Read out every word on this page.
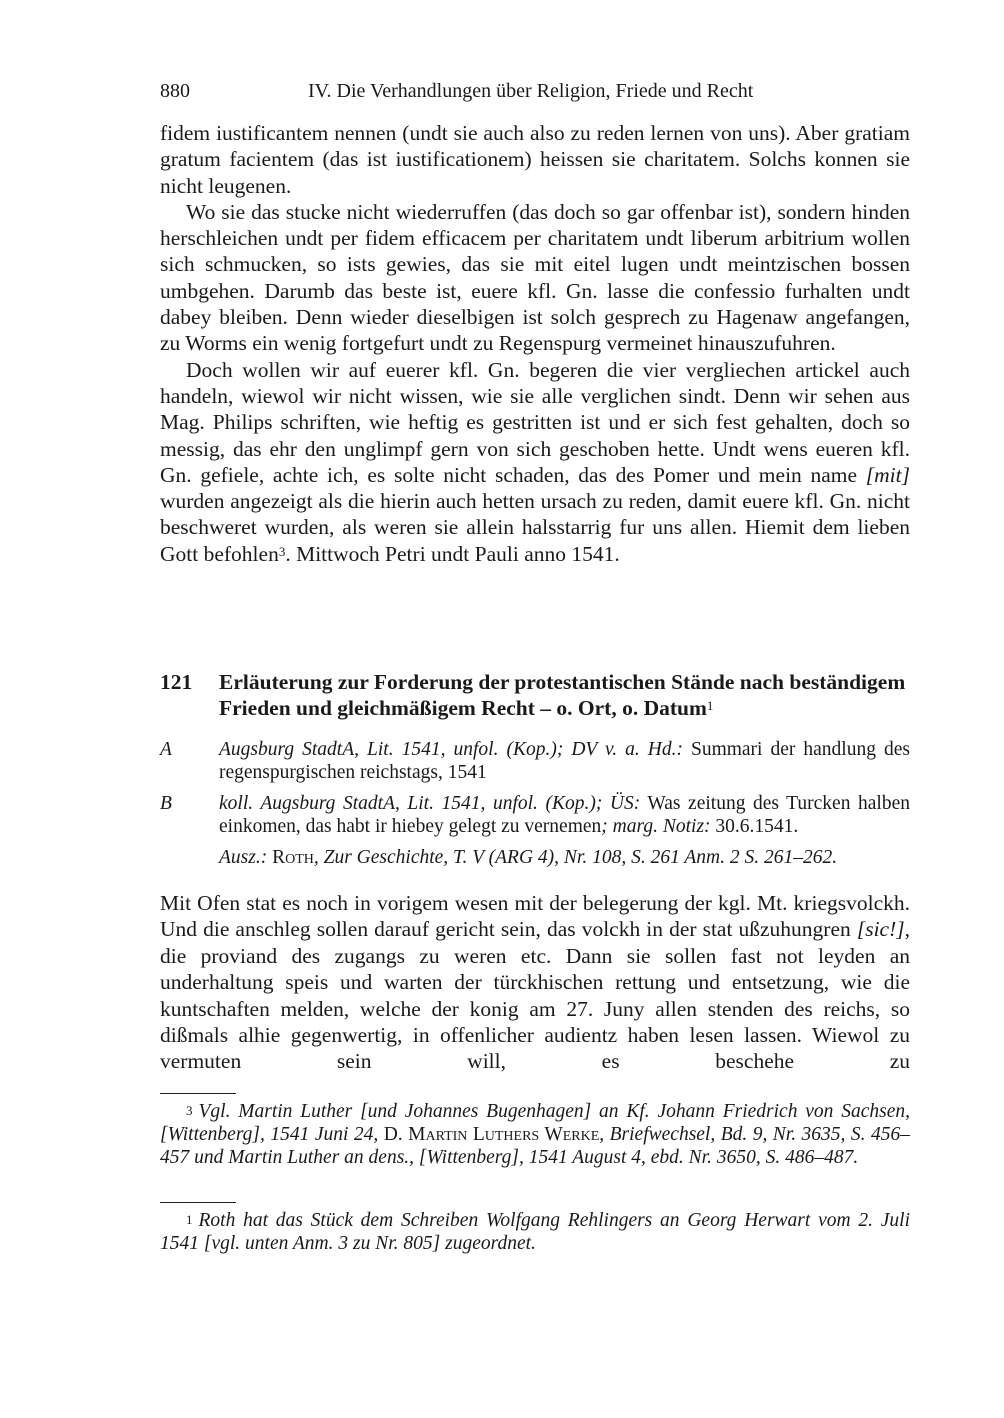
880	IV. Die Verhandlungen über Religion, Friede und Recht

fidem iustificantem nennen (undt sie auch also zu reden lernen von uns). Aber gratiam gratum facientem (das ist iustificationem) heissen sie charitatem. Solchs konnen sie nicht leugenen.

Wo sie das stucke nicht wiederruffen (das doch so gar offenbar ist), sondern hinden herschleichen undt per fidem efficacem per charitatem undt liberum arbitrium wollen sich schmucken, so ists gewies, das sie mit eitel lugen undt meintzischen bossen umbgehen. Darumb das beste ist, euere kfl. Gn. lasse die confessio furhalten undt dabey bleiben. Denn wieder dieselbigen ist solch gesprech zu Hagenaw angefangen, zu Worms ein wenig fortgefurt undt zu Regenspurg vermeinet hinauszufuhren.

Doch wollen wir auf euerer kfl. Gn. begeren die vier vergliechen artickel auch handeln, wiewol wir nicht wissen, wie sie alle verglichen sindt. Denn wir sehen aus Mag. Philips schriften, wie heftig es gestritten ist und er sich fest gehalten, doch so messig, das ehr den unglimpf gern von sich geschoben hette. Undt wens eueren kfl. Gn. gefiele, achte ich, es solte nicht schaden, das des Pomer und mein name [mit] wurden angezeigt als die hierin auch hetten ursach zu reden, damit euere kfl. Gn. nicht beschweret wurden, als weren sie allein halsstarrig fur uns allen. Hiemit dem lieben Gott befohlen$^3$. Mittwoch Petri undt Pauli anno 1541.

121 Erläuterung zur Forderung der protestantischen Stände nach beständigem Frieden und gleichmäßigem Recht – o. Ort, o. Datum$^1$
A Augsburg StadtA, Lit. 1541, unfol. (Kop.); DV v. a. Hd.: Summari der handlung des regenspurgischen reichstags, 1541
B koll. Augsburg StadtA, Lit. 1541, unfol. (Kop.); ÜS: Was zeitung des Turcken halben einkomen, das habt ir hiebey gelegt zu vernemen; marg. Notiz: 30.6.1541.
Ausz.: Roth, Zur Geschichte, T. V (ARG 4), Nr. 108, S. 261 Anm. 2 S. 261–262.
Mit Ofen stat es noch in vorigem wesen mit der belegerung der kgl. Mt. kriegsvolckh. Und die anschleg sollen darauf gericht sein, das volckh in der stat ußzuhungren [sic!], die proviand des zugangs zu weren etc. Dann sie sollen fast not leyden an underhaltung speis und warten der türckhischen rettung und entsetzung, wie die kuntschaften melden, welche der konig am 27. Juny allen stenden des reichs, so dißmals alhie gegenwertig, in offenlicher audientz haben lesen lassen. Wiewol zu vermuten sein will, es beschehe zu

$^3$ Vgl. Martin Luther [und Johannes Bugenhagen] an Kf. Johann Friedrich von Sachsen, [Wittenberg], 1541 Juni 24, D. Martin Luthers Werke, Briefwechsel, Bd. 9, Nr. 3635, S. 456–457 und Martin Luther an dens., [Wittenberg], 1541 August 4, ebd. Nr. 3650, S. 486–487.

$^1$ Roth hat das Stück dem Schreiben Wolfgang Rehlingers an Georg Herwart vom 2. Juli 1541 [vgl. unten Anm. 3 zu Nr. 805] zugeordnet.
